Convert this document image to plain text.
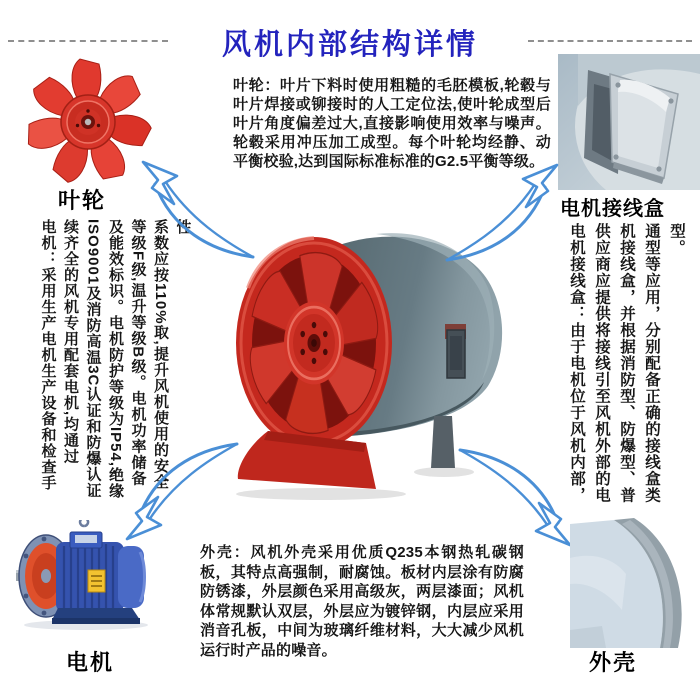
风机内部结构详情
叶轮
叶轮：叶片下料时使用粗糙的毛胚模板,轮毂与叶片焊接或铆接时的人工定位法,使叶轮成型后叶片角度偏差过大,直接影响使用效率与噪声。轮毂采用冲压加工成型。每个叶轮均经静、动平衡校验,达到国际标准标准的G2.5平衡等级。
电机接线盒
电机：采用生产电机生产设备和检查手续齐全的风机专用配套电机,均通过ISO9001及消防高温3C认证和防爆认证及能效标识。电机防护等级为IP54,绝缘等级F级,温升等级B级。电机功率储备系数应按110%取,提升风机使用的安全性	电机接线盒：由于电机位于风机内部，供应商应提供将接线引至风机外部的电机接线盒，并根据消防型、防爆型、普通型等应用，分别配备正确的接线盒类型。
电机
外壳：风机外壳采用优质Q235本钢热轧碳钢板，其特点高强制，耐腐蚀。板材内层涂有防腐防锈漆，外层颜色采用高级灰，两层漆面；风机体常规默认双层，外层应为镀锌钢，内层应采用消音孔板，中间为玻璃纤维材料，大大减少风机运行时产品的噪音。	外壳
